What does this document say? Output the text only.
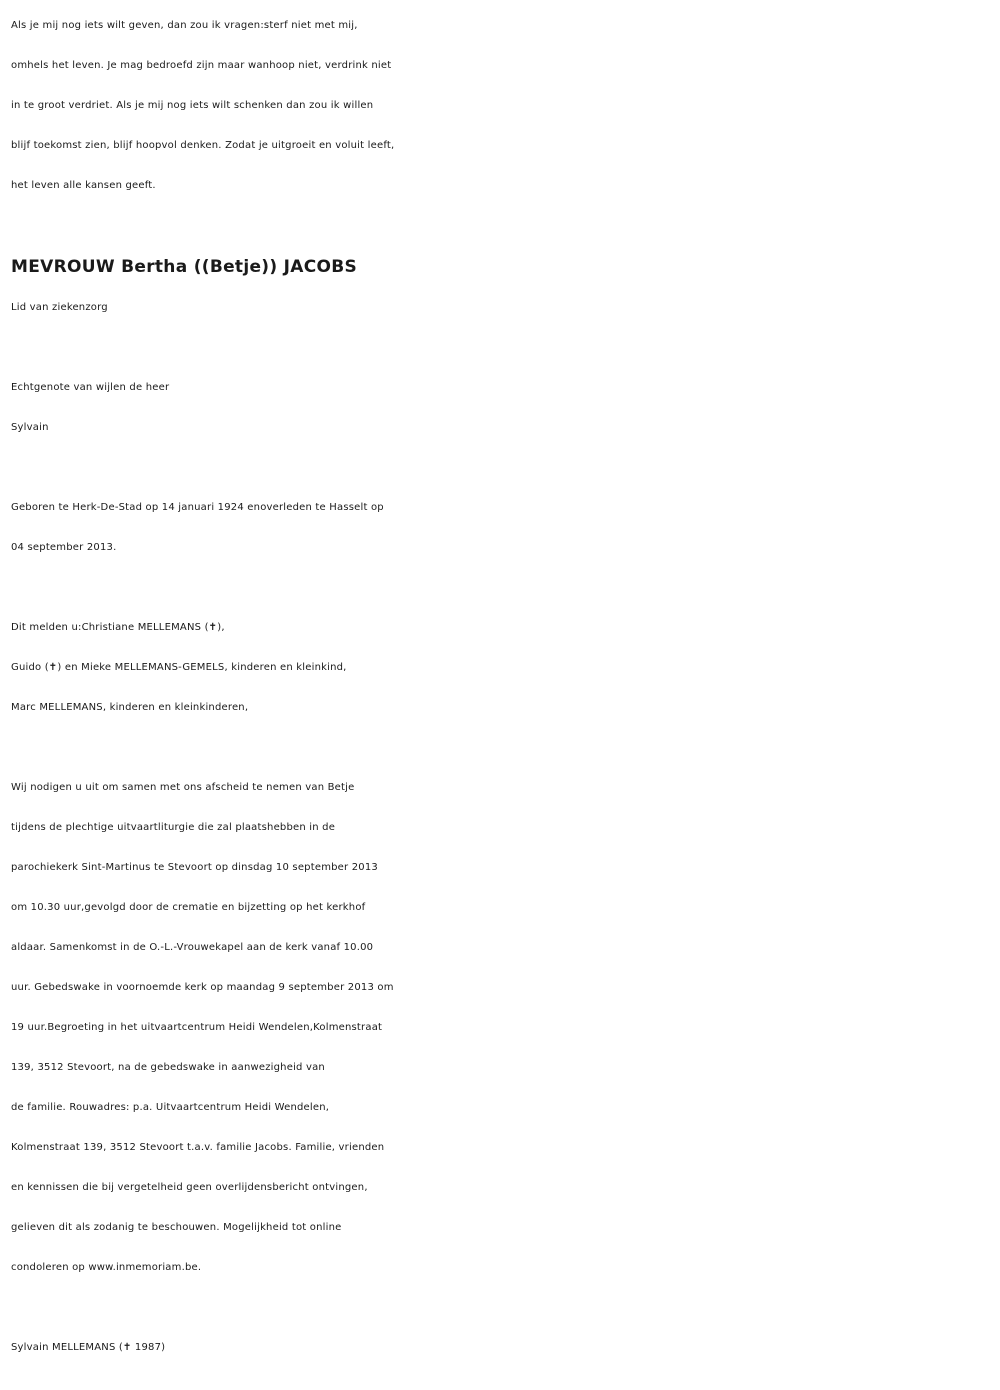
Als je mij nog iets wilt geven, dan zou ik vragen:sterf niet met mij,
omhels het leven. Je mag bedroefd zijn maar wanhoop niet, verdrink niet
in te groot verdriet. Als je mij nog iets wilt schenken dan zou ik willen
blijf toekomst zien, blijf hoopvol denken. Zodat je uitgroeit en voluit leeft,
het leven alle kansen geeft.
MEVROUW Bertha ((Betje)) JACOBS
Lid van ziekenzorg
Echtgenote van wijlen de heer
Sylvain
Geboren te Herk-De-Stad op 14 januari 1924 enoverleden te Hasselt op
04 september 2013.
Dit melden u:Christiane MELLEMANS (✝),
Guido (✝) en Mieke MELLEMANS-GEMELS, kinderen en kleinkind,
Marc MELLEMANS, kinderen en kleinkinderen,
Wij nodigen u uit om samen met ons afscheid te nemen van Betje
tijdens de plechtige uitvaartliturgie die zal plaatshebben in de
parochiekerk Sint-Martinus te Stevoort op dinsdag 10 september 2013
om 10.30 uur,gevolgd door de crematie en bijzetting op het kerkhof
aldaar. Samenkomst in de O.-L.-Vrouwekapel aan de kerk vanaf 10.00
uur. Gebedswake in voornoemde kerk op maandag 9 september 2013 om
19 uur.Begroeting in het uitvaartcentrum Heidi Wendelen,Kolmenstraat
139, 3512 Stevoort, na de gebedswake in aanwezigheid van
de familie. Rouwadres: p.a. Uitvaartcentrum Heidi Wendelen,
Kolmenstraat 139, 3512 Stevoort t.a.v. familie Jacobs. Familie, vrienden
en kennissen die bij vergetelheid geen overlijdensbericht ontvingen,
gelieven dit als zodanig te beschouwen. Mogelijkheid tot online
condoleren op www.inmemoriam.be.
Sylvain MELLEMANS (✝ 1987)
